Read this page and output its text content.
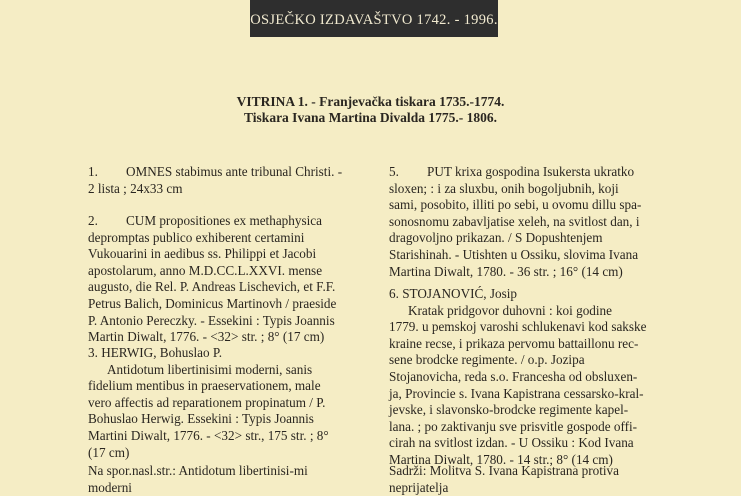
OSJEČKO IZDAVAŠTVO 1742. - 1996.
VITRINA 1. - Franjevačka tiskara 1735.-1774.
Tiskara Ivana Martina Divalda 1775.- 1806.
1. OMNES stabimus ante tribunal Christi. -
2 lista ; 24x33 cm
2. CUM propositiones ex methaphysica
depromptas publico exhiberent certamini
Vukouarini in aedibus ss. Philippi et Jacobi
apostolarum, anno M.D.CC.L.XXVI. mense
augusto, die Rel. P. Andreas Lischevich, et F.F.
Petrus Balich, Dominicus Martinovh / praeside
P. Antonio Pereczky. - Essekini : Typis Joannis
Martin Diwalt, 1776. - <32> str. ; 8° (17 cm)
3. HERWIG, Bohuslao P.
Antidotum libertinisimi moderni, sanis
fidelium mentibus in praeservationem, male
vero affectis ad reparationem propinatum / P.
Bohuslao Herwig. Essekini : Typis Joannis
Martini Diwalt, 1776. - <32> str., 175 str. ; 8°
(17 cm)
Na spor.nasl.str.: Antidotum libertinisi-mi
moderni
5. PUT krixa gospodina Isukersta ukratko
sloxen; : i za sluxbu, onih bogoljubnih, koji
sami, posobito, illiti po sebi, u ovomu dillu spa-
sonosnomu zabavljatise xeleh, na svitlost dan, i
dragovoljno prikazan. / S Dopushtenjem
Starishinah. - Utishten u Ossiku, slovima Ivana
Martina Diwalt, 1780. - 36 str. ; 16° (14 cm)
6. STOJANOVIĆ, Josip
Kratak pridgovor duhovni : koi godine
1779. u pemskoj varoshi schlukenavi kod sakske
kraine recse, i prikaza pervomu battaillonu rec-
sene brodcke regimente. / o.p. Jozipa
Stojanovicha, reda s.o. Francesha od obsluxen-
ja, Provincie s. Ivana Kapistrana cessarsko-kral-
jevske, i slavonsko-brodcke regimente kapel-
lana. ; po zaktivanju sve prisvitle gospode offi-
cirah na svitlost izdan. - U Ossiku : Kod Ivana
Martina Diwalt, 1780. - 14 str.; 8° (14 cm)
Sadrži: Molitva S. Ivana Kapistrana protiva
neprijatelja
